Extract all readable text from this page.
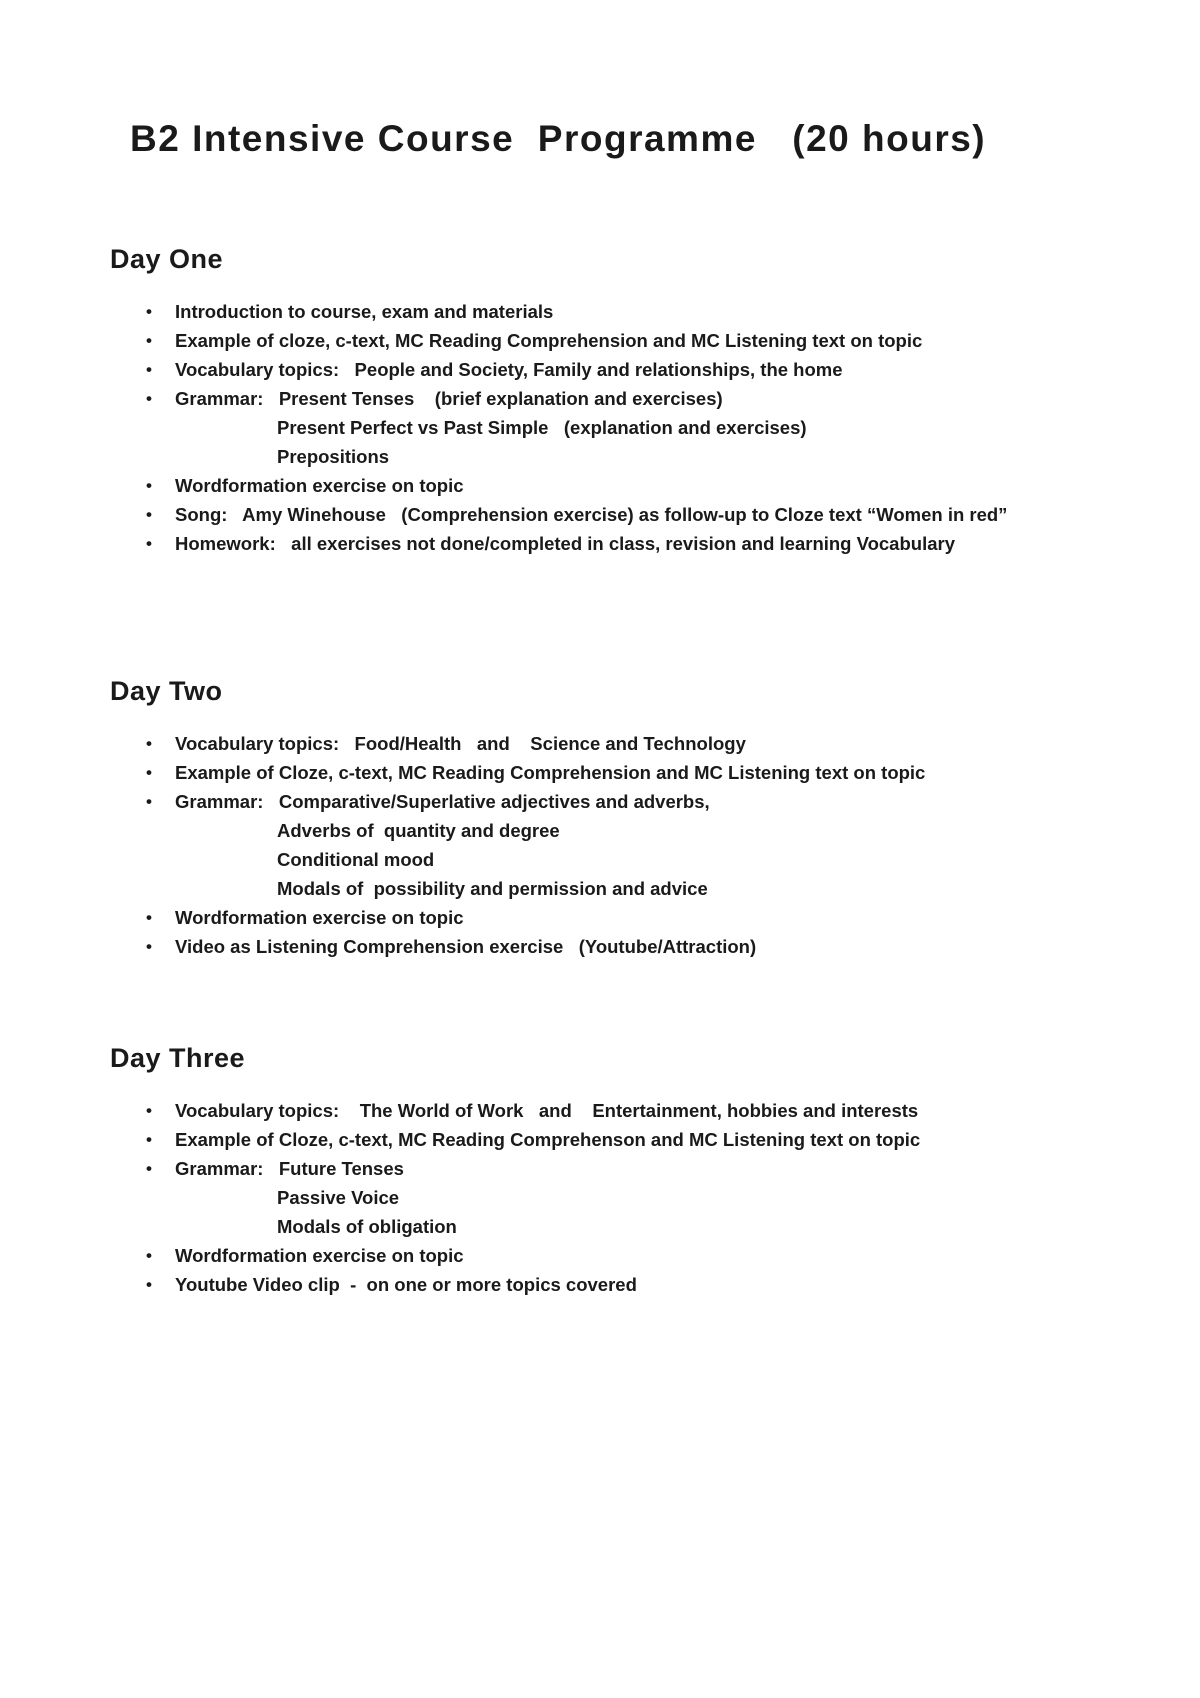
B2 Intensive Course  Programme   (20 hours)
Day One
• Introduction to course, exam and materials
• Example of cloze, c-text, MC Reading Comprehension and MC Listening text on topic
• Vocabulary topics:   People and Society, Family and relationships, the home
• Grammar:   Present Tenses    (brief explanation and exercises)
Present Perfect vs Past Simple   (explanation and exercises)
Prepositions
• Wordformation exercise on topic
• Song:   Amy Winehouse   (Comprehension exercise) as follow-up to Cloze text “Women in red”
• Homework:   all exercises not done/completed in class, revision and learning Vocabulary
Day Two
• Vocabulary topics:   Food/Health   and    Science and Technology
• Example of Cloze, c-text, MC Reading Comprehension and MC Listening text on topic
• Grammar:   Comparative/Superlative adjectives and adverbs,
Adverbs of  quantity and degree
Conditional mood
Modals of  possibility and permission and advice
• Wordformation exercise on topic
• Video as Listening Comprehension exercise   (Youtube/Attraction)
Day Three
• Vocabulary topics:    The World of Work   and    Entertainment, hobbies and interests
• Example of Cloze, c-text, MC Reading Comprehenson and MC Listening text on topic
• Grammar:   Future Tenses
Passive Voice
Modals of obligation
• Wordformation exercise on topic
• Youtube Video clip  -  on one or more topics covered
